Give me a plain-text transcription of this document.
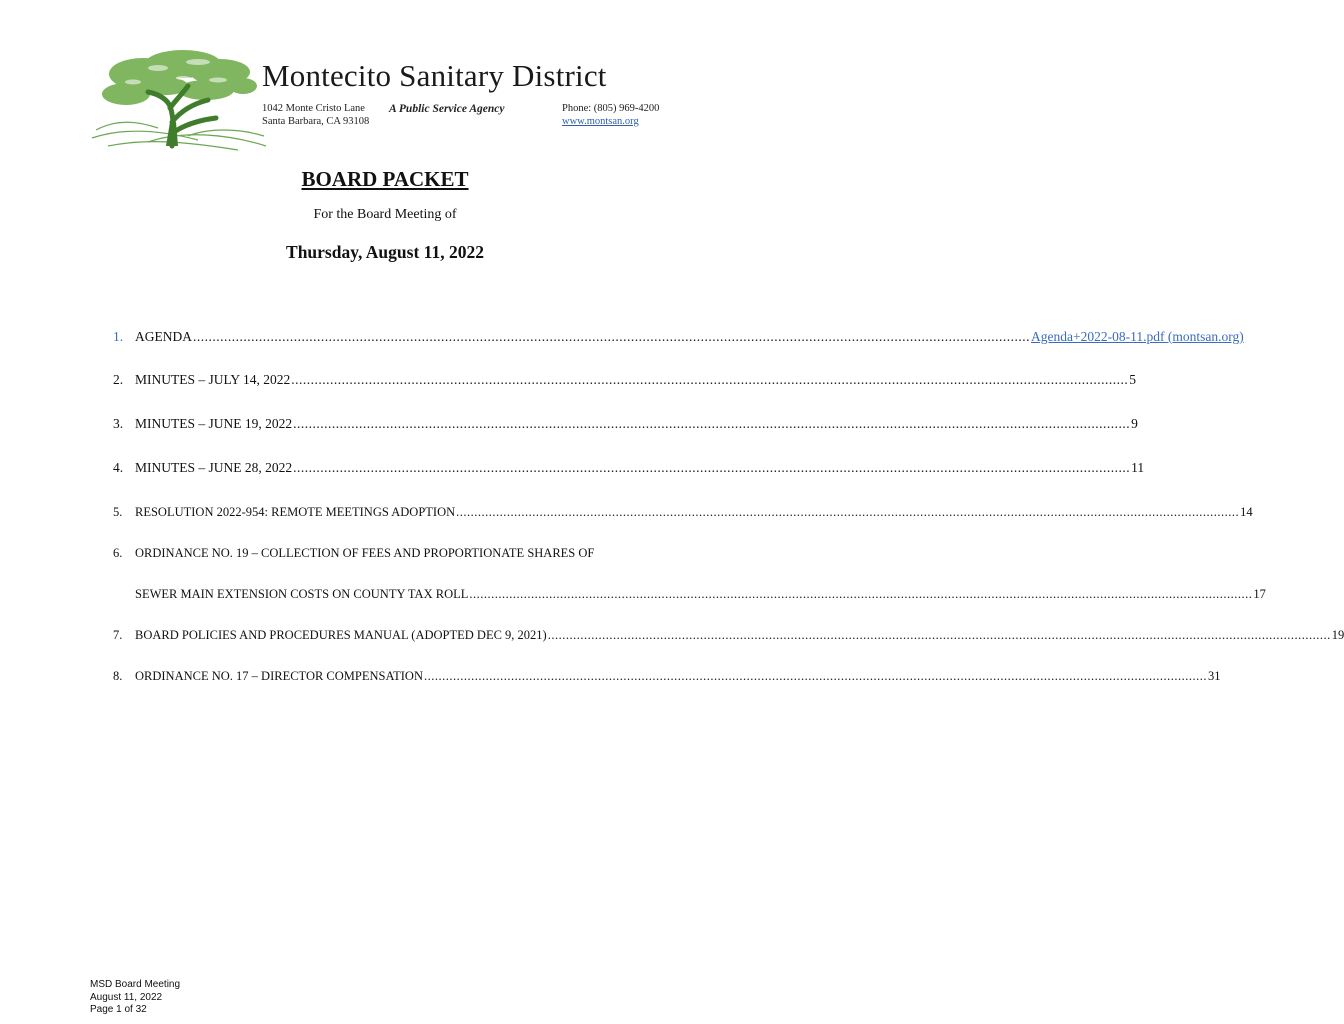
Montecito Sanitary District
1042 Monte Cristo Lane
Santa Barbara, CA 93108
A Public Service Agency	Phone: (805) 969-4200
www.montsan.org
BOARD PACKET
For the Board Meeting of
Thursday, August 11, 2022
1. AGENDA ........................................................................................................................................................................................................................ Agenda+2022-08-11.pdf (montsan.org)
2. MINUTES – JULY 14, 2022 ........................................................................................................................................................................................................................ 5
3. MINUTES – JUNE 19, 2022 ........................................................................................................................................................................................................................ 9
4. MINUTES – JUNE 28, 2022 ........................................................................................................................................................................................................................ 11
5.	RESOLUTION 2022-954: REMOTE MEETINGS ADOPTION ........................................................................................................................................................................................................................ 14
6.	ORDINANCE NO. 19 – COLLECTION OF FEES AND PROPORTIONATE SHARES OF
SEWER MAIN EXTENSION COSTS ON COUNTY TAX ROLL ........................................................................................................................................................................................................................ 17
7.	BOARD POLICIES AND PROCEDURES MANUAL (ADOPTED DEC 9, 2021) ........................................................................................................................................................................................................................ 19
8.	ORDINANCE NO. 17 – DIRECTOR COMPENSATION ........................................................................................................................................................................................................................ 31
MSD Board Meeting
August 11, 2022
Page 1 of 32
